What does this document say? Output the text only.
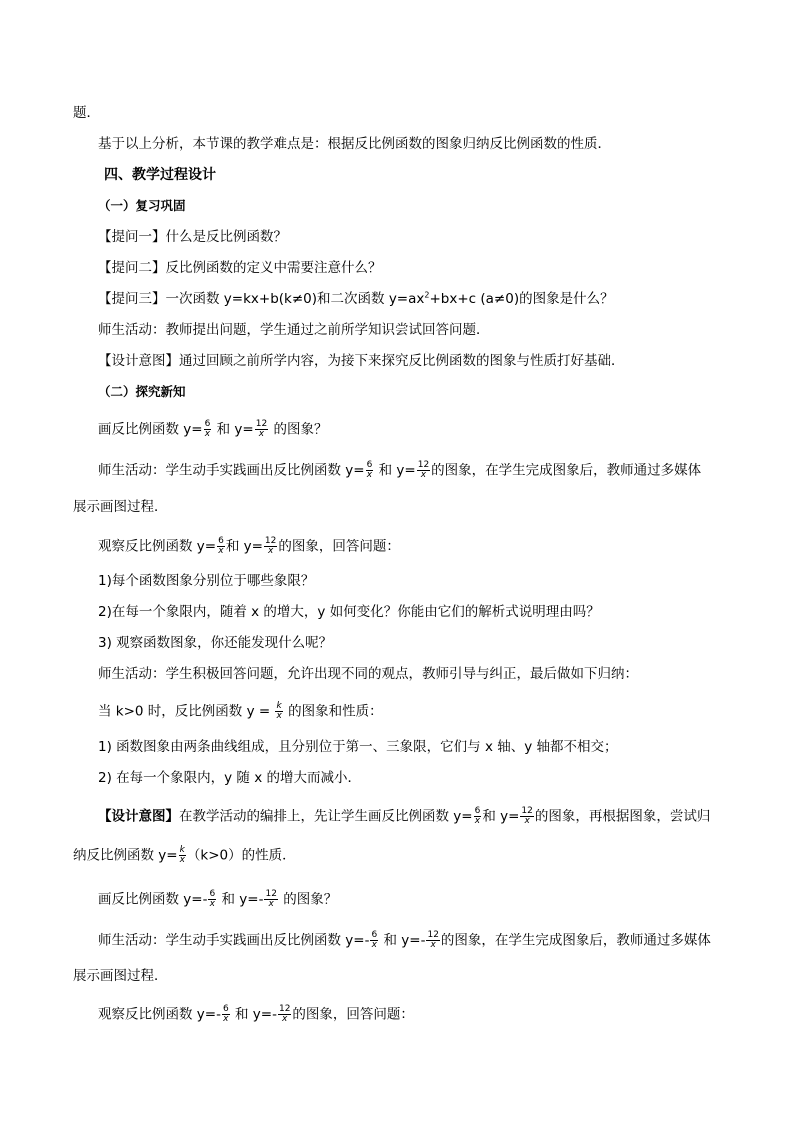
题．
基于以上分析，本节课的教学难点是：根据反比例函数的图象归纳反比例函数的性质．
四、教学过程设计
（一）复习巩固
【提问一】什么是反比例函数？
【提问二】反比例函数的定义中需要注意什么？
【提问三】一次函数 y=kx+b(k≠0)和二次函数 $y=ax^2+bx+c$ (a≠0)的图象是什么？
师生活动：教师提出问题，学生通过之前所学知识尝试回答问题．
【设计意图】通过回顾之前所学内容，为接下来探究反比例函数的图象与性质打好基础．
（二）探究新知
画反比例函数 $y= \frac{6}{x}$ 和 $y= \frac{12}{x}$ 的图象？
师生活动：学生动手实践画出反比例函数 $y= \frac{6}{x}$ 和 $y= \frac{12}{x}$ 的图象，在学生完成图象后，教师通过多媒体
展示画图过程．
观察反比例函数 $y= \frac{6}{x}$ 和 $y= \frac{12}{x}$ 的图象，回答问题：
1)每个函数图象分别位于哪些象限？
2)在每一个象限内，随着 x 的增大，y 如何变化？你能由它们的解析式说明理由吗？
3) 观察函数图象，你还能发现什么呢？
师生活动：学生积极回答问题，允许出现不同的观点，教师引导与纠正，最后做如下归纳：
当 k>0 时，反比例函数 $y = \frac{k}{x}$ 的图象和性质：
1) 函数图象由两条曲线组成，且分别位于第一、三象限，它们与 x 轴、y 轴都不相交；
2) 在每一个象限内，y 随 x 的增大而减小．
【设计意图】在教学活动的编排上，先让学生画反比例函数 $y= \frac{6}{x}$ 和 $y= \frac{12}{x}$ 的图象，再根据图象，尝试归
纳反比例函数 $y= \frac{k}{x} (k>0)$的性质．
画反比例函数 $y=- \frac{6}{x}$ 和 $y=- \frac{12}{x}$ 的图象？
师生活动：学生动手实践画出反比例函数 $y=- \frac{6}{x}$ 和 $y=- \frac{12}{x}$ 的图象，在学生完成图象后，教师通过多媒体
展示画图过程．
观察反比例函数 $y=- \frac{6}{x}$ 和 $y=- \frac{12}{x}$ 的图象，回答问题：
